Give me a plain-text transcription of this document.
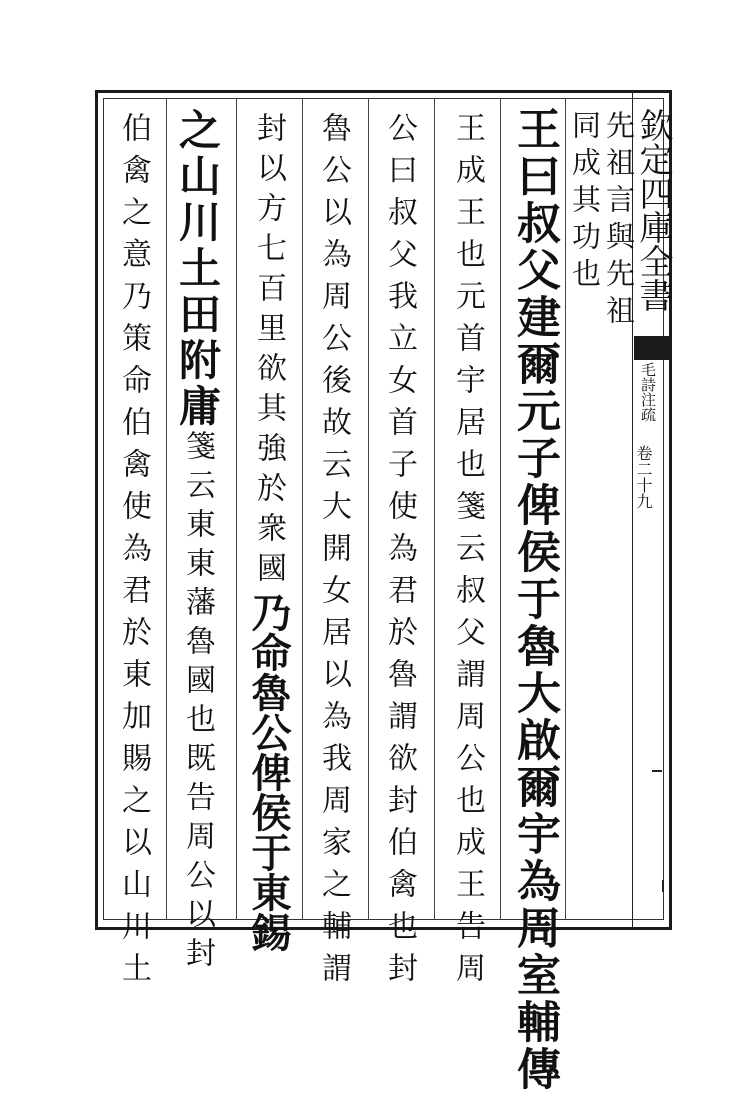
欽定四庫全書
毛詩注疏
卷二十九
先祖言與先祖
同成其功也
王曰叔父建爾元子俾侯于魯大啟爾宇為周室輔傳
王成王也元首宇居也箋云叔父謂周公也成王告周
公曰叔父我立女首子使為君於魯謂欲封伯禽也封
魯公以為周公後故云大開女居以為我周家之輔謂
封以方七百里欲其強於衆國乃命魯公俾侯于東錫
之山川土田附庸箋云東東藩魯國也既告周公以封
伯禽之意乃策命伯禽使為君於東加賜之以山川土
